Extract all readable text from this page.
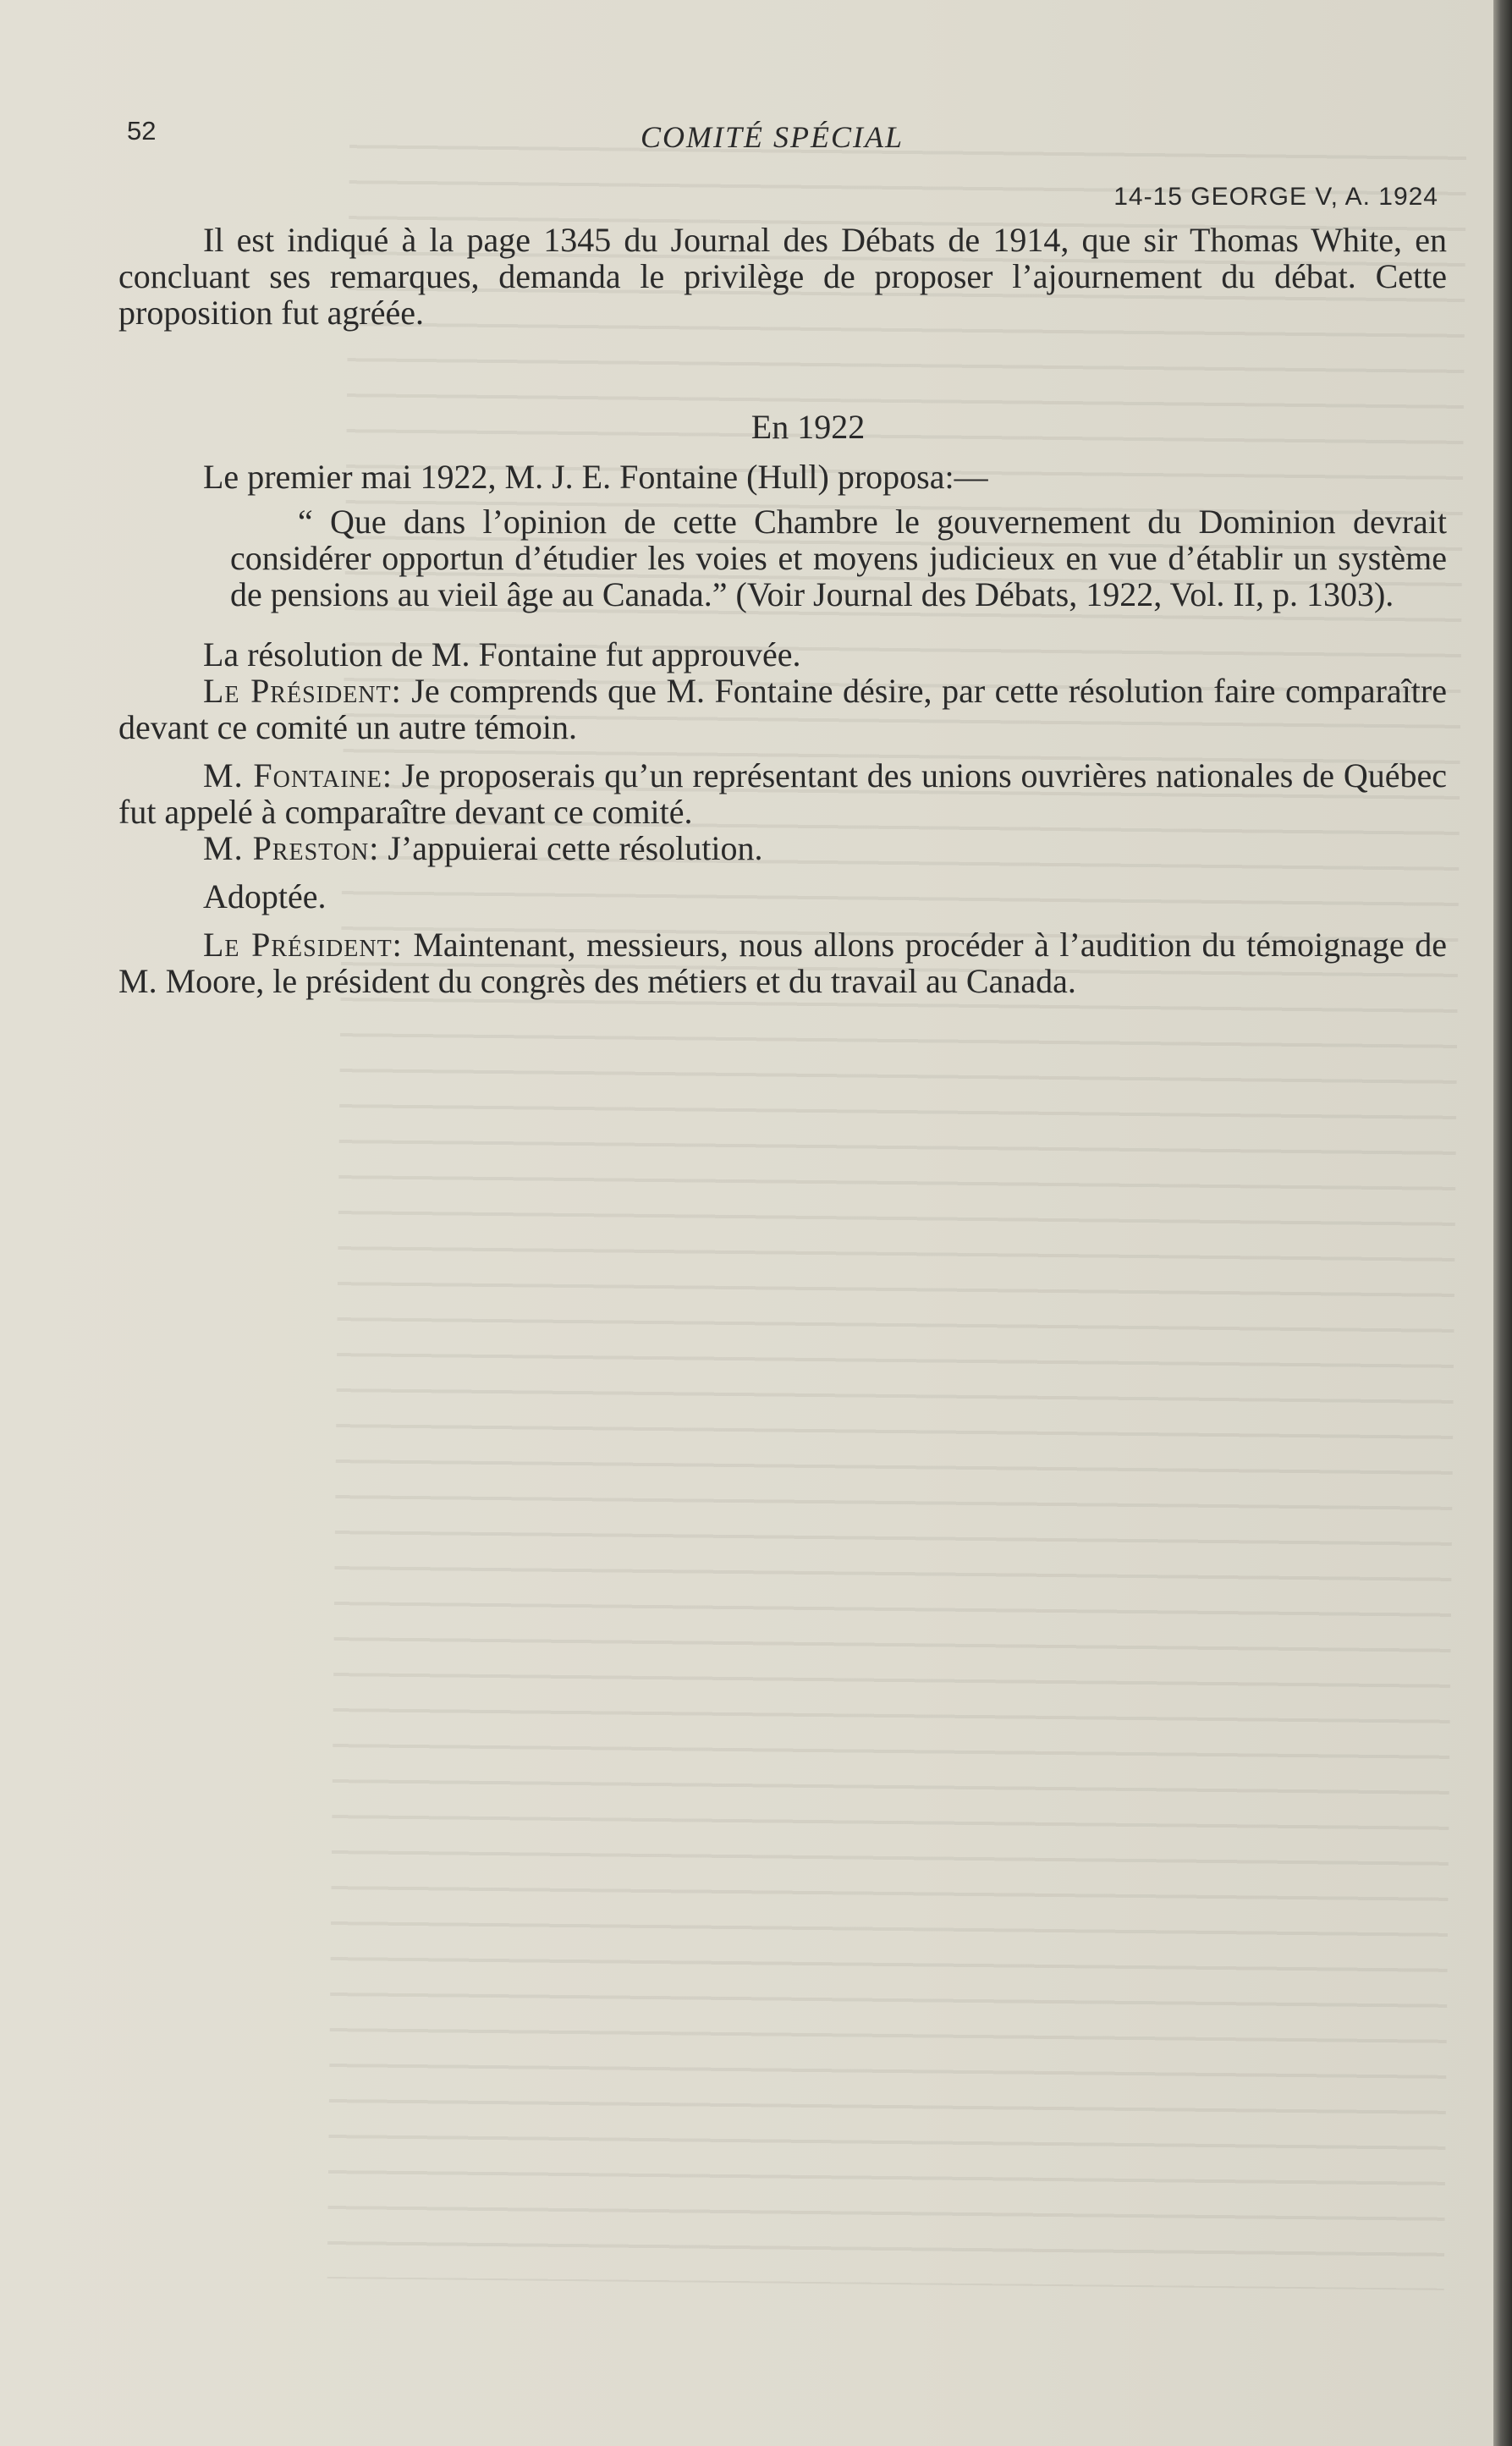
52	COMITÉ SPÉCIAL
14-15 GEORGE V, A. 1924

Il est indiqué à la page 1345 du Journal des Débats de 1914, que sir Thomas White, en concluant ses remarques, demanda le privilège de proposer l’ajournement du débat. Cette proposition fut agréée.

En 1922

Le premier mai 1922, M. J. E. Fontaine (Hull) proposa:—

“ Que dans l’opinion de cette Chambre le gouvernement du Dominion devrait considérer opportun d’étudier les voies et moyens judicieux en vue d’établir un système de pensions au vieil âge au Canada.” (Voir Journal des Débats, 1922, Vol. II, p. 1303).

La résolution de M. Fontaine fut approuvée.

Le Président: Je comprends que M. Fontaine désire, par cette résolution faire comparaître devant ce comité un autre témoin.

M. Fontaine: Je proposerais qu’un représentant des unions ouvrières nationales de Québec fut appelé à comparaître devant ce comité.

M. Preston: J’appuierai cette résolution.

Adoptée.

Le Président: Maintenant, messieurs, nous allons procéder à l’audition du témoignage de M. Moore, le président du congrès des métiers et du travail au Canada.
